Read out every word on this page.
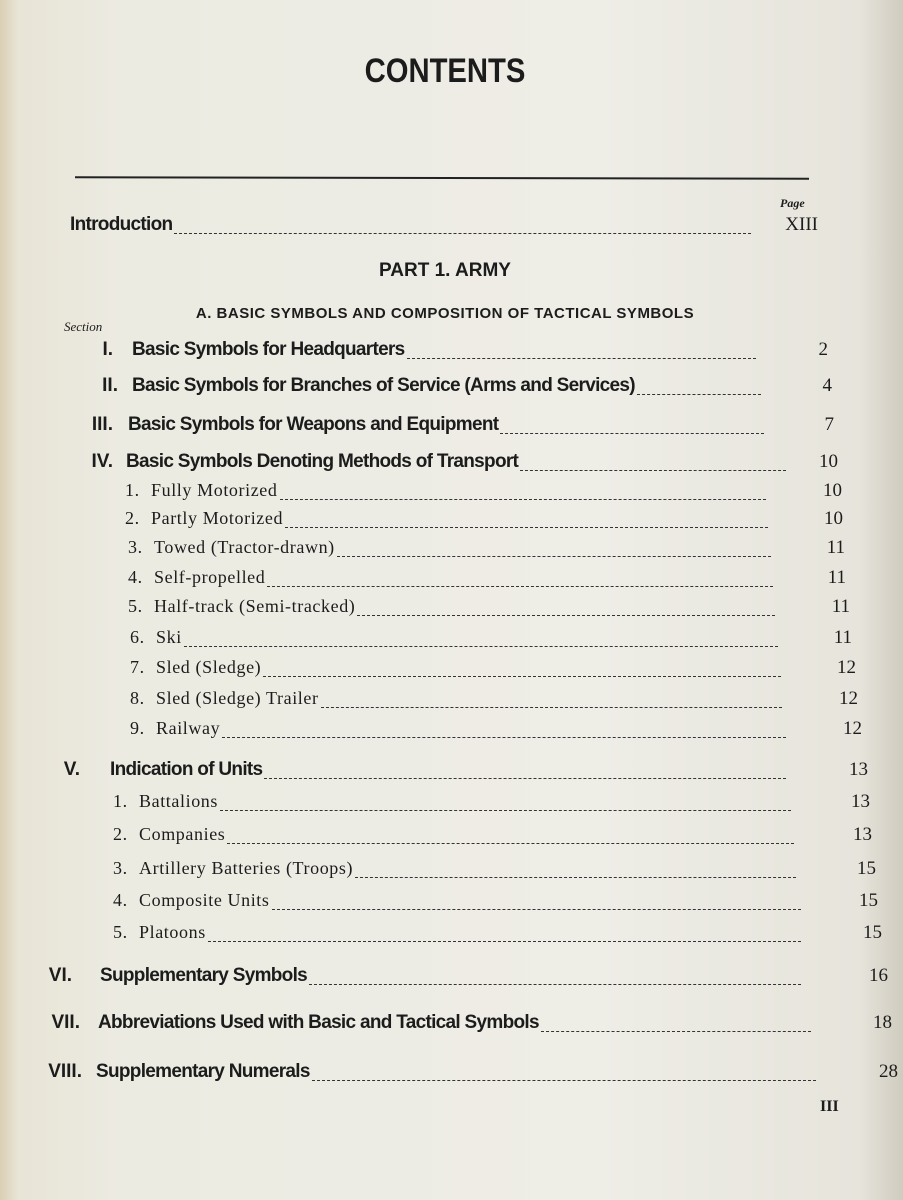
CONTENTS
Page
PART 1. ARMY
A. BASIC SYMBOLS AND COMPOSITION OF TACTICAL SYMBOLS
Section
Introduction	XIII
I. Basic Symbols for Headquarters	2
II. Basic Symbols for Branches of Service (Arms and Services)	4
III. Basic Symbols for Weapons and Equipment	7
IV. Basic Symbols Denoting Methods of Transport	10
1. Fully Motorized	10
2. Partly Motorized	10
3. Towed (Tractor-drawn)	11
4. Self-propelled	11
5. Half-track (Semi-tracked)	11
6. Ski	11
7. Sled (Sledge)	12
8. Sled (Sledge) Trailer	12
9. Railway	12
V. Indication of Units	13
1. Battalions	13
2. Companies	13
3. Artillery Batteries (Troops)	15
4. Composite Units	15
5. Platoons	15
VI. Supplementary Symbols	16
VII. Abbreviations Used with Basic and Tactical Symbols	18
VIII. Supplementary Numerals	28
III
